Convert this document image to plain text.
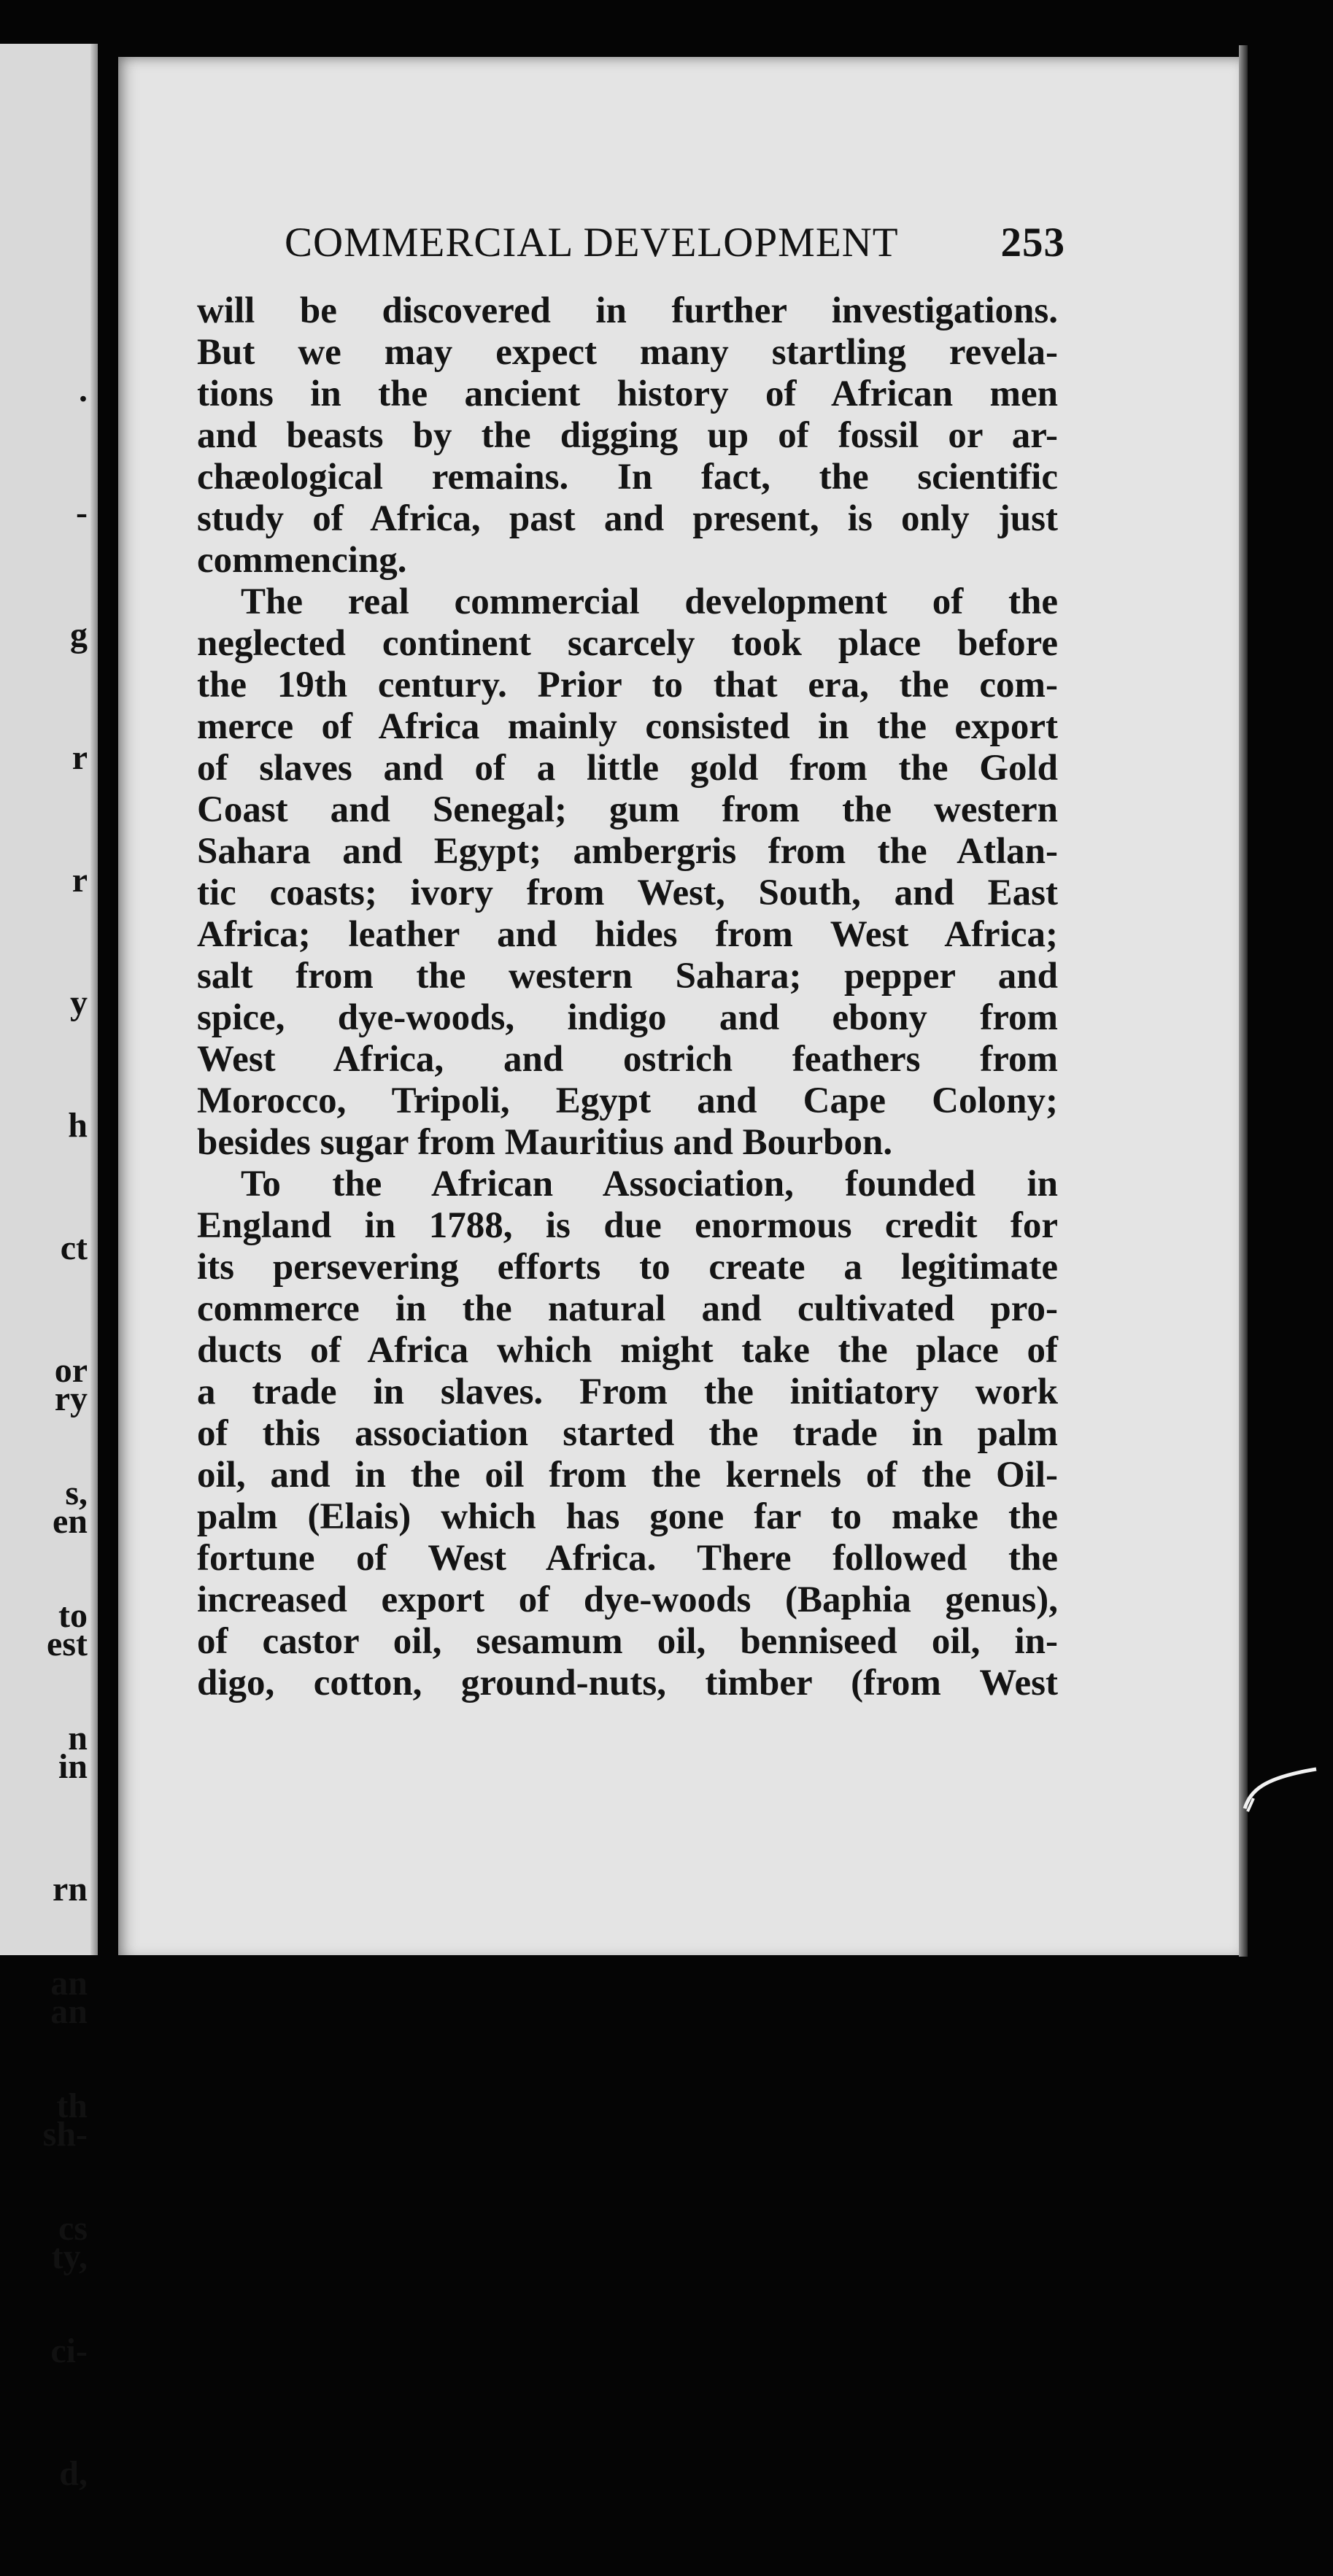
.

-

g

r

r

y

h

ct

or

s,

to

n

an

th

cs

ci-

d,

ry

en

est

in

rn

an

sh-

ty,

COMMERCIAL DEVELOPMENT 253
will be discovered in further investigations.
But we may expect many startling revela-
tions in the ancient history of African men
and beasts by the digging up of fossil or ar-
chæological remains. In fact, the scientific
study of Africa, past and present, is only just
commencing.
The real commercial development of the
neglected continent scarcely took place before
the 19th century. Prior to that era, the com-
merce of Africa mainly consisted in the export
of slaves and of a little gold from the Gold
Coast and Senegal; gum from the western
Sahara and Egypt; ambergris from the Atlan-
tic coasts; ivory from West, South, and East
Africa; leather and hides from West Africa;
salt from the western Sahara; pepper and
spice, dye-woods, indigo and ebony from
West Africa, and ostrich feathers from
Morocco, Tripoli, Egypt and Cape Colony;
besides sugar from Mauritius and Bourbon.
To the African Association, founded in
England in 1788, is due enormous credit for
its persevering efforts to create a legitimate
commerce in the natural and cultivated pro-
ducts of Africa which might take the place of
a trade in slaves. From the initiatory work
of this association started the trade in palm
oil, and in the oil from the kernels of the Oil-
palm (Elais) which has gone far to make the
fortune of West Africa. There followed the
increased export of dye-woods (Baphia genus),
of castor oil, sesamum oil, benniseed oil, in-
digo, cotton, ground-nuts, timber (from West
